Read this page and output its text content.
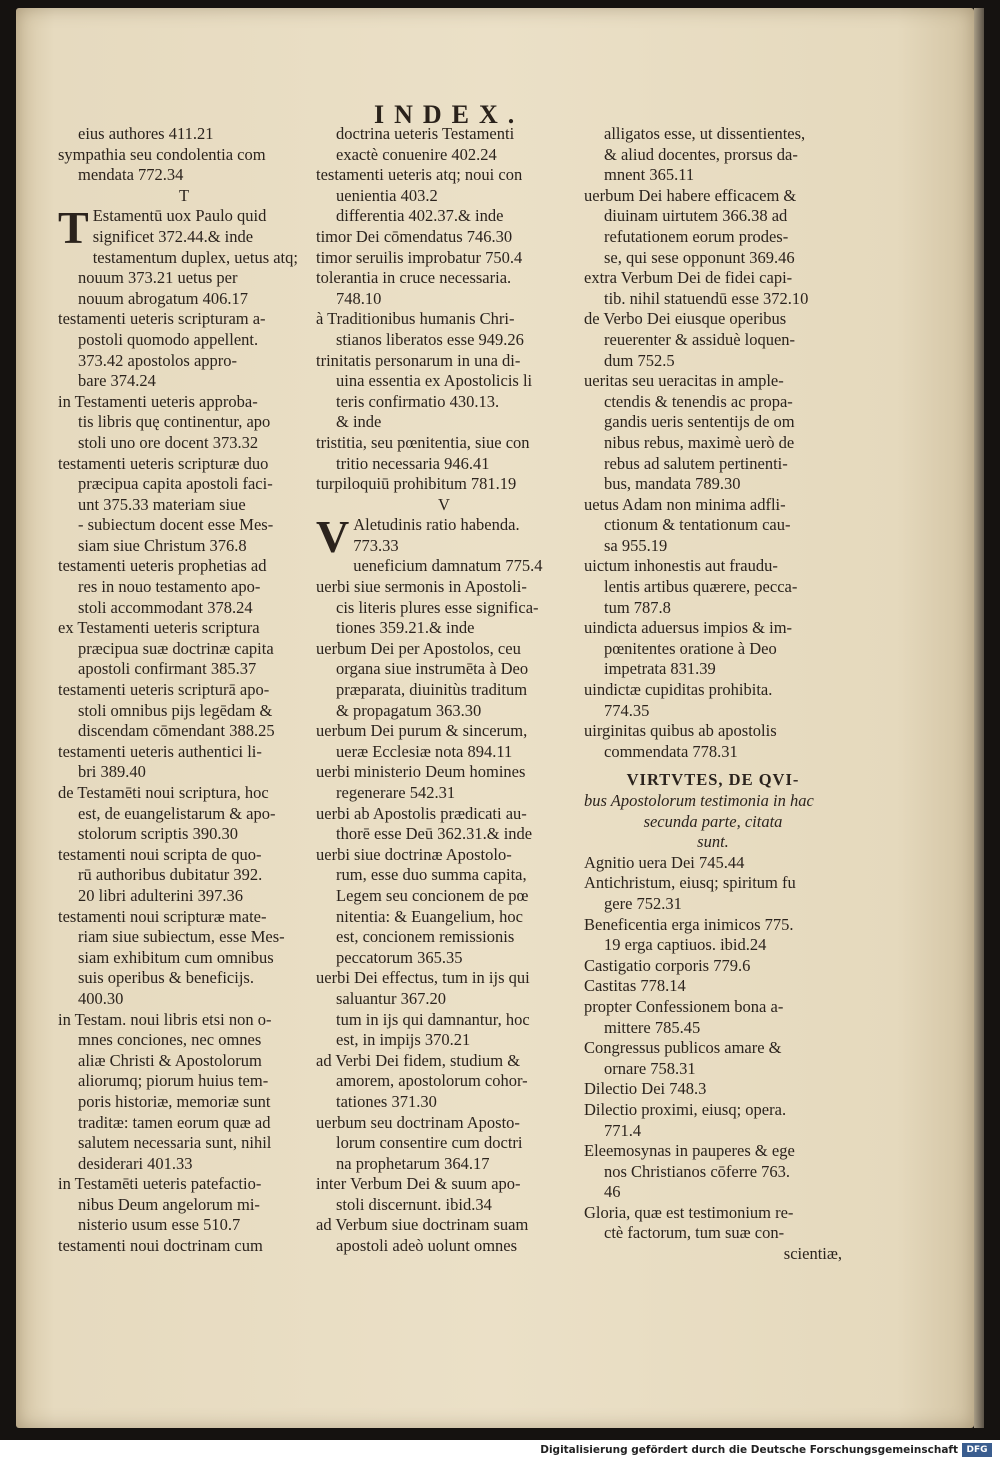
INDEX.
eius authores 411.21
sympathia seu condolentia com
mendata 772.34
T
T Estamentū uox Paulo quid
significet 372.44.& inde
testamentum duplex, uetus atq;
nouum 373.21 uetus per
nouum abrogatum 406.17
testamenti ueteris scripturam a-
postoli quomodo appellent.
373.42 apostolos appro-
bare 374.24
in Testamenti ueteris approba-
tis libris quę continentur, apo
stoli uno ore docent 373.32
testamenti ueteris scripturæ duo
præcipua capita apostoli faci-
unt 375.33 materiam siue
- subiectum docent esse Mes-
siam siue Christum 376.8
testamenti ueteris prophetias ad
res in nouo testamento apo-
stoli accommodant 378.24
ex Testamenti ueteris scriptura
præcipua suæ doctrinæ capita
apostoli confirmant 385.37
testamenti ueteris scripturā apo-
stoli omnibus pijs legēdam &
discendam cōmendant 388.25
testamenti ueteris authentici li-
bri 389.40
de Testamēti noui scriptura, hoc
est, de euangelistarum & apo-
stolorum scriptis 390.30
testamenti noui scripta de quo-
rū authoribus dubitatur 392.
20 libri adulterini 397.36
testamenti noui scripturæ mate-
riam siue subiectum, esse Mes-
siam exhibitum cum omnibus
suis operibus & beneficijs.
400.30
in Testam. noui libris etsi non o-
mnes conciones, nec omnes
aliæ Christi & Apostolorum
aliorumq; piorum huius tem-
poris historiæ, memoriæ sunt
traditæ: tamen eorum quæ ad
salutem necessaria sunt, nihil
desiderari 401.33
in Testamēti ueteris patefactio-
nibus Deum angelorum mi-
nisterio usum esse 510.7
testamenti noui doctrinam cum
doctrina ueteris Testamenti
exactè conuenire 402.24
testamenti ueteris atq; noui con
uenientia 403.2
differentia 402.37.& inde
timor Dei cōmendatus 746.30
timor seruilis improbatur 750.4
tolerantia in cruce necessaria.
748.10
à Traditionibus humanis Chri-
stianos liberatos esse 949.26
trinitatis personarum in una di-
uina essentia ex Apostolicis li
teris confirmatio 430.13.
& inde
tristitia, seu pœnitentia, siue con
tritio necessaria 946.41
turpiloquiū prohibitum 781.19
V
V Aletudinis ratio habenda.
773.33
ueneficium damnatum 775.4
uerbi siue sermonis in Apostoli-
cis literis plures esse significa-
tiones 359.21.& inde
uerbum Dei per Apostolos, ceu
organa siue instrumēta à Deo
præparata, diuinitùs traditum
& propagatum 363.30
uerbum Dei purum & sincerum,
ueræ Ecclesiæ nota 894.11
uerbi ministerio Deum homines
regenerare 542.31
uerbi ab Apostolis prædicati au-
thorē esse Deū 362.31.& inde
uerbi siue doctrinæ Apostolo-
rum, esse duo summa capita,
Legem seu concionem de pœ
nitentia: & Euangelium, hoc
est, concionem remissionis
peccatorum 365.35
uerbi Dei effectus, tum in ijs qui
saluantur 367.20
tum in ijs qui damnantur, hoc
est, in impijs 370.21
ad Verbi Dei fidem, studium &
amorem, apostolorum cohor-
tationes 371.30
uerbum seu doctrinam Aposto-
lorum consentire cum doctri
na prophetarum 364.17
inter Verbum Dei & suum apo-
stoli discernunt. ibid.34
ad Verbum siue doctrinam suam
apostoli adeò uolunt omnes
alligatos esse, ut dissentientes,
& aliud docentes, prorsus da-
mnent 365.11
uerbum Dei habere efficacem &
diuinam uirtutem 366.38 ad
refutationem eorum prodes-
se, qui sese opponunt 369.46
extra Verbum Dei de fidei capi-
tib. nihil statuendū esse 372.10
de Verbo Dei eiusque operibus
reuerenter & assiduè loquen-
dum 752.5
ueritas seu ueracitas in ample-
ctendis & tenendis ac propa-
gandis ueris sententijs de om
nibus rebus, maximè uerò de
rebus ad salutem pertinenti-
bus, mandata 789.30
uetus Adam non minima adfli-
ctionum & tentationum cau-
sa 955.19
uictum inhonestis aut fraudu-
lentis artibus quærere, pecca-
tum 787.8
uindicta aduersus impios & im-
pœnitentes oratione à Deo
impetrata 831.39
uindictæ cupiditas prohibita.
774.35
uirginitas quibus ab apostolis
commendata 778.31
VIRTVTES, DE QVI-
bus Apostolorum testimonia in hac
secunda parte, citata
sunt.
Agnitio uera Dei 745.44
Antichristum, eiusq; spiritum fu
gere 752.31
Beneficentia erga inimicos 775.
19 erga captiuos. ibid.24
Castigatio corporis 779.6
Castitas 778.14
propter Confessionem bona a-
mittere 785.45
Congressus publicos amare &
ornare 758.31
Dilectio Dei 748.3
Dilectio proximi, eiusq; opera.
771.4
Eleemosynas in pauperes & ege
nos Christianos cōferre 763.
46
Gloria, quæ est testimonium re-
ctè factorum, tum suæ con-
scientiæ,
Digitalisierung gefördert durch die Deutsche Forschungsgemeinschaft DFG
